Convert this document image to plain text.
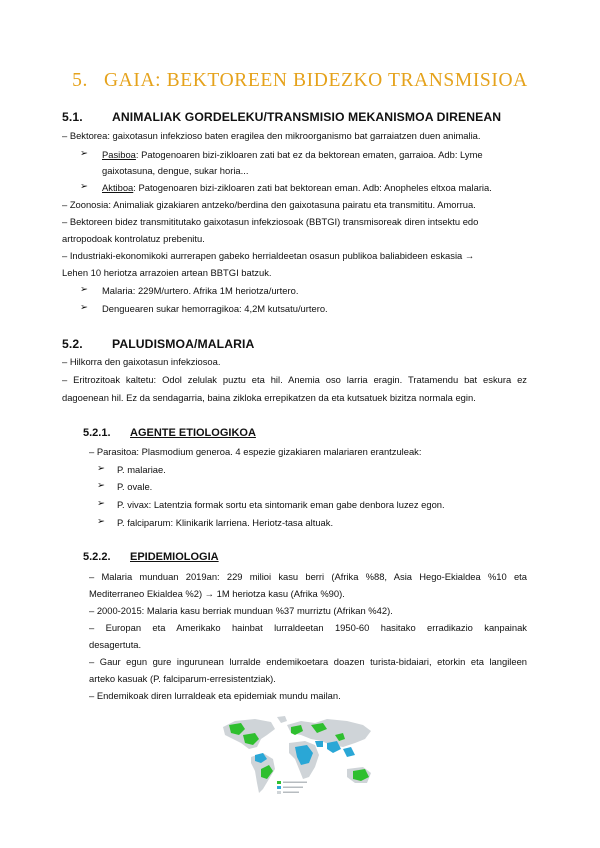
5. GAIA: BEKTOREEN BIDEZKO TRANSMISIOA
5.1. ANIMALIAK GORDELEKU/TRANSMISIO MEKANISMOA DIRENEAN
– Bektorea: gaixotasun infekzioso baten eragilea den mikroorganismo bat garraiatzen duen animalia.
➢ Pasiboa: Patogenoaren bizi-zikloaren zati bat ez da bektorean ematen, garraioa. Adb: Lyme
gaixotasuna, dengue, sukar horia...
➢ Aktiboa: Patogenoaren bizi-zikloaren zati bat bektorean eman. Adb: Anopheles eltxoa malaria.
– Zoonosia: Animaliak gizakiaren antzeko/berdina den gaixotasuna pairatu eta transmititu. Amorrua.
– Bektoreen bidez transmititutako gaixotasun infekziosoak (BBTGI) transmisoreak diren intsektu edo
artropodoak kontrolatuz prebenitu.
– Industriaki-ekonomikoki aurrerapen gabeko herrialdeetan osasun publikoa baliabideen eskasia →
Lehen 10 heriotza arrazoien artean BBTGI batzuk.
➢ Malaria: 229M/urtero. Afrika 1M heriotza/urtero.
➢ Denguearen sukar hemorragikoa: 4,2M kutsatu/urtero.
5.2. PALUDISMOA/MALARIA
– Hilkorra den gaixotasun infekziosoa.
– Eritrozitoak kaltetu: Odol zelulak puztu eta hil. Anemia oso larria eragin. Tratamendu bat eskura ez
dagoenean hil. Ez da sendagarria, baina zikloka errepikatzen da eta kutsatuek bizitza normala egin.
5.2.1. AGENTE ETIOLOGIKOA
– Parasitoa: Plasmodium generoa. 4 espezie gizakiaren malariaren erantzuleak:
➢ P. malariae.
➢ P. ovale.
➢ P. vivax: Latentzia formak sortu eta sintomarik eman gabe denbora luzez egon.
➢ P. falciparum: Klinikarik larriena. Heriotz-tasa altuak.
5.2.2. EPIDEMIOLOGIA
– Malaria munduan 2019an: 229 milioi kasu berri (Afrika %88, Asia Hego-Ekialdea %10 eta
Mediterraneo Ekialdea %2) → 1M heriotza kasu (Afrika %90).
– 2000-2015: Malaria kasu berriak munduan %37 murriztu (Afrikan %42).
– Europan eta Amerikako hainbat lurraldeetan 1950-60 hasitako erradikazio kanpainak
desagertuta.
– Gaur egun gure ingurunean lurralde endemikoetara doazen turista-bidaiari, etorkin eta langileen
arteko kasuak (P. falciparum-erresistentziak).
– Endemikoak diren lurraldeak eta epidemiak mundu mailan.
